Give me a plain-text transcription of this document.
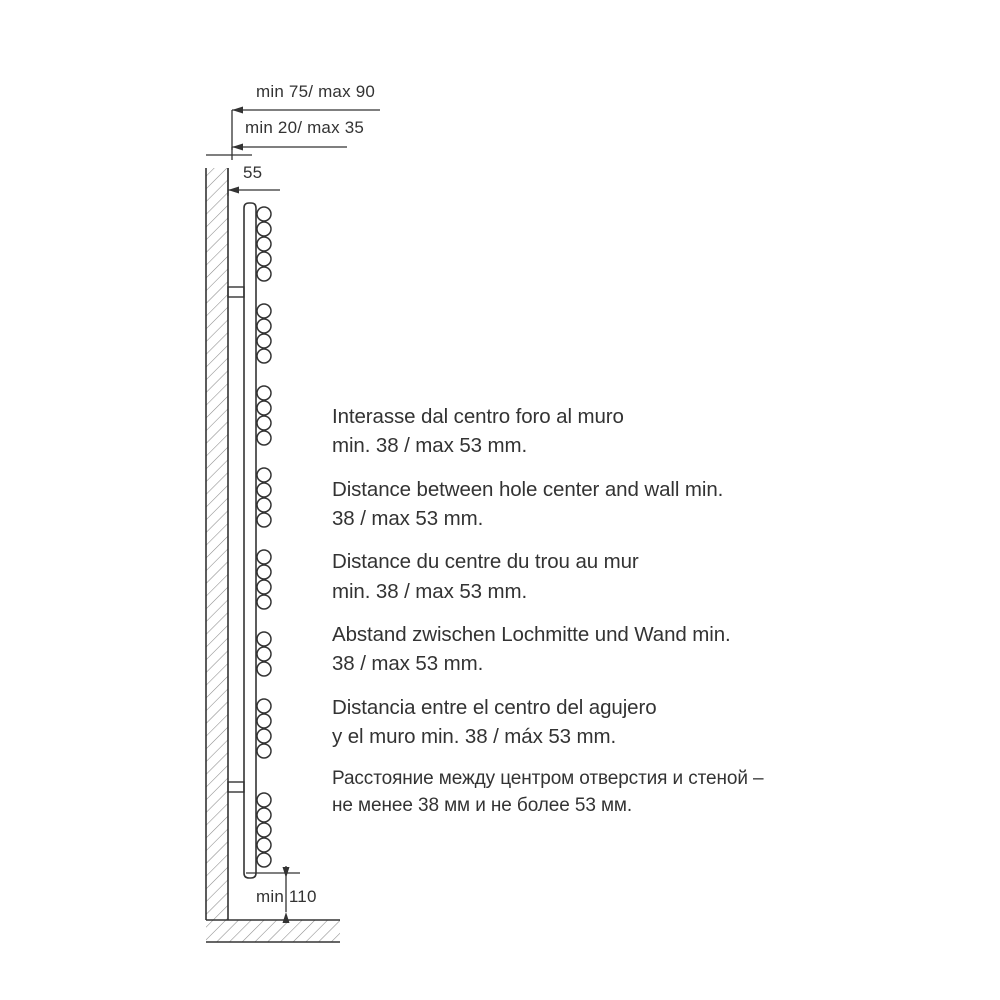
min 75/ max 90
min 20/ max 35
55
min 110
Interasse dal centro foro al muro
min. 38 / max 53 mm.
Distance between hole center and wall min.
38 / max 53 mm.
Distance du centre du trou au mur
min. 38 / max 53 mm.
Abstand zwischen Lochmitte und Wand min.
38 / max 53 mm.
Distancia entre el centro del agujero
y el muro min. 38 / máx 53 mm.
Расстояние между центром отверстия и стеной –
не менее 38 мм и не более 53 мм.
